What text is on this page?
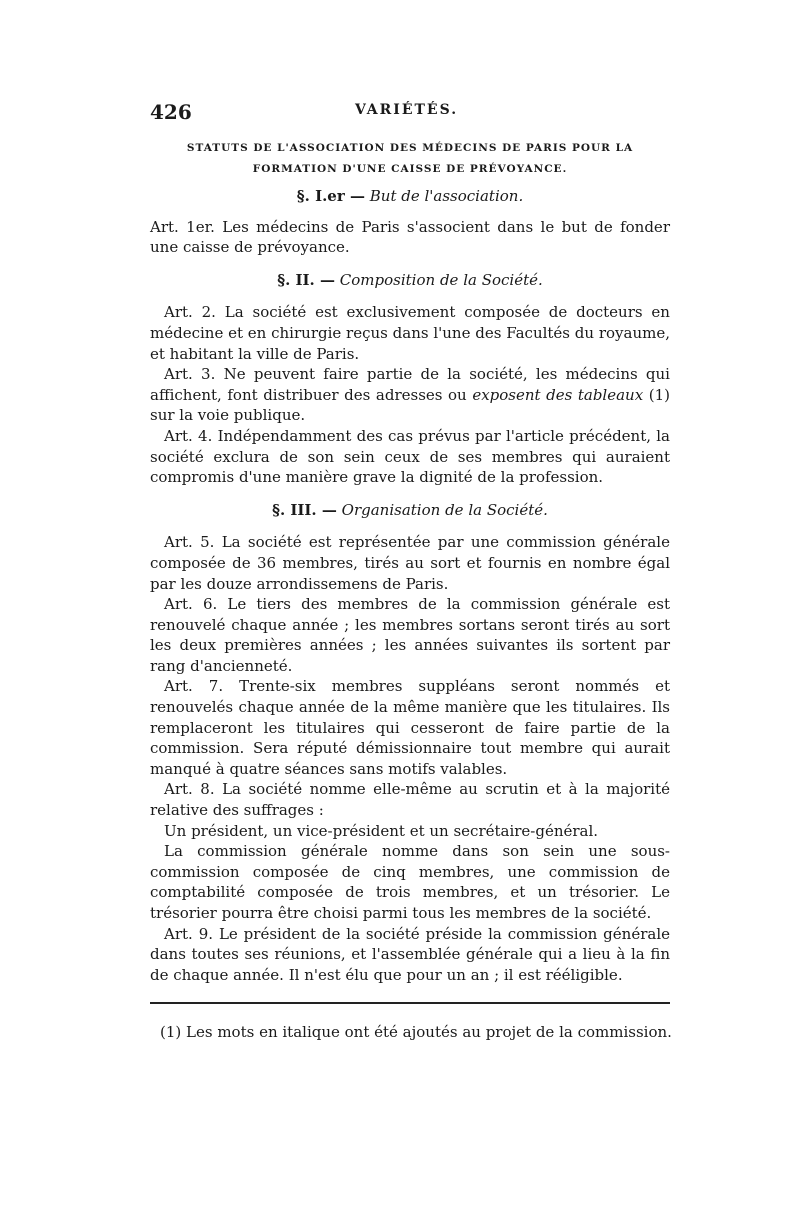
426	VARIÉTÉS.
STATUTS DE L'ASSOCIATION DES MÉDECINS DE PARIS POUR LA FORMATION D'UNE CAISSE DE PRÉVOYANCE.
§. I.er — But de l'association.

Art. 1er. Les médecins de Paris s'associent dans le but de fonder une caisse de prévoyance.

§. II. — Composition de la Société.

Art. 2. La société est exclusivement composée de docteurs en médecine et en chirurgie reçus dans l'une des Facultés du royaume, et habitant la ville de Paris.

Art. 3. Ne peuvent faire partie de la société, les médecins qui affichent, font distribuer des adresses ou exposent des tableaux (1) sur la voie publique.

Art. 4. Indépendamment des cas prévus par l'article précédent, la société exclura de son sein ceux de ses membres qui auraient compromis d'une manière grave la dignité de la profession.

§. III. — Organisation de la Société.

Art. 5. La société est représentée par une commission générale composée de 36 membres, tirés au sort et fournis en nombre égal par les douze arrondissemens de Paris.

Art. 6. Le tiers des membres de la commission générale est renouvelé chaque année ; les membres sortans seront tirés au sort les deux premières années ; les années suivantes ils sortent par rang d'ancienneté.

Art. 7. Trente-six membres suppléans seront nommés et renouvelés chaque année de la même manière que les titulaires. Ils remplaceront les titulaires qui cesseront de faire partie de la commission. Sera réputé démissionnaire tout membre qui aurait manqué à quatre séances sans motifs valables.

Art. 8. La société nomme elle-même au scrutin et à la majorité relative des suffrages :

Un président, un vice-président et un secrétaire-général.

La commission générale nomme dans son sein une sous-commission composée de cinq membres, une commission de comptabilité composée de trois membres, et un trésorier. Le trésorier pourra être choisi parmi tous les membres de la société.

Art. 9. Le président de la société préside la commission générale dans toutes ses réunions, et l'assemblée générale qui a lieu à la fin de chaque année. Il n'est élu que pour un an ; il est rééligible.

(1) Les mots en italique ont été ajoutés au projet de la commission.
